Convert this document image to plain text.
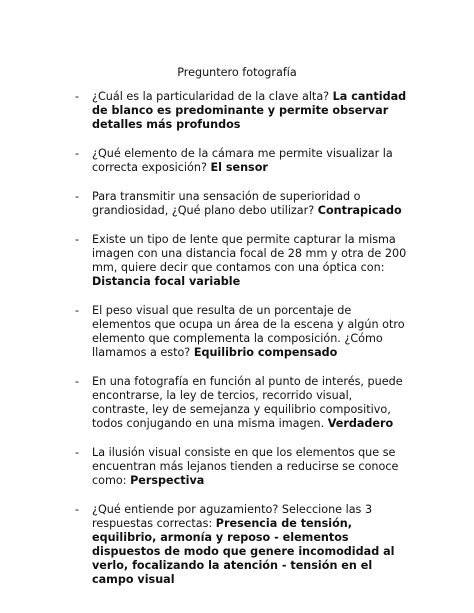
Preguntero fotografía
-	¿Cuál es la particularidad de la clave alta? La cantidad de blanco es predominante y permite observar detalles más profundos
-	¿Qué elemento de la cámara me permite visualizar la correcta exposición? El sensor
-	Para transmitir una sensación de superioridad o grandiosidad, ¿Qué plano debo utilizar? Contrapicado
-	Existe un tipo de lente que permite capturar la misma imagen con una distancia focal de 28 mm y otra de 200 mm, quiere decir que contamos con una óptica con: Distancia focal variable
-	El peso visual que resulta de un porcentaje de elementos que ocupa un área de la escena y algún otro elemento que complementa la composición. ¿Cómo llamamos a esto? Equilibrio compensado
-	En una fotografía en función al punto de interés, puede encontrarse, la ley de tercios, recorrido visual, contraste, ley de semejanza y equilibrio compositivo, todos conjugando en una misma imagen. Verdadero
-	La ilusión visual consiste en que los elementos que se encuentran más lejanos tienden a reducirse se conoce como: Perspectiva
-	¿Qué entiende por aguzamiento? Seleccione las 3 respuestas correctas: Presencia de tensión, equilibrio, armonía y reposo - elementos dispuestos de modo que genere incomodidad al verlo, focalizando la atención - tensión en el campo visual
